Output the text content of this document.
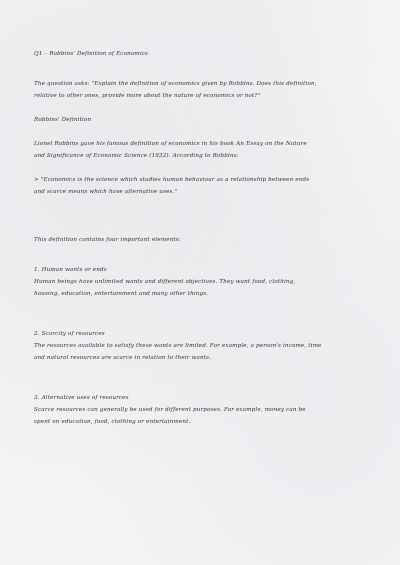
Q1 – Robbins' Definition of Economics

The question asks: "Explain the definition of economics given by Robbins. Does this definition,

relative to other ones, provide more about the nature of economics or not?"

Robbins' Definition

Lionel Robbins gave his famous definition of economics in his book An Essay on the Nature

and Significance of Economic Science (1932). According to Robbins:

> "Economics is the science which studies human behaviour as a relationship between ends

and scarce means which have alternative uses."

This definition contains four important elements:

1. Human wants or ends

Human beings have unlimited wants and different objectives. They want food, clothing,

housing, education, entertainment and many other things.

2. Scarcity of resources

The resources available to satisfy these wants are limited. For example, a person's income, time

and natural resources are scarce in relation to their wants.

3. Alternative uses of resources

Scarce resources can generally be used for different purposes. For example, money can be

spent on education, food, clothing or entertainment.
